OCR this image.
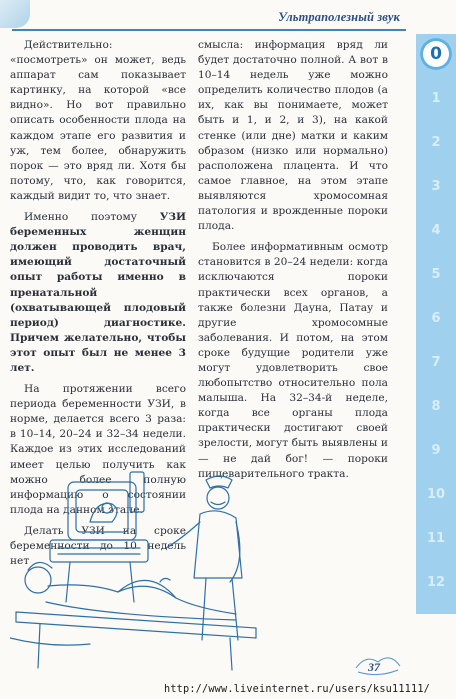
Ультраполезный звук
0
1
2
3
4
5
6
7
8
9
10
11
12

Действительно: «посмотреть» он может, ведь аппарат сам показывает картинку, на которой «все видно». Но вот правильно описать особенности плода на каждом этапе его развития и уж, тем более, обнаружить порок — это вряд ли. Хотя бы потому, что, как говорится, каждый видит то, что знает.

Именно поэтому УЗИ беременных женщин должен проводить врач, имеющий достаточный опыт работы именно в пренатальной (охватывающей плодовый период) диагностике. Причем желательно, чтобы этот опыт был не менее 3 лет.

На протяжении всего периода беременности УЗИ, в норме, делается всего 3 раза: в 10–14, 20–24 и 32–34 недели. Каждое из этих исследований имеет целью получить как можно более полную информацию о состоянии плода на данном этапе.

Делать УЗИ на сроке беременности до 10 недель нет

смысла: информация вряд ли будет достаточно полной. А вот в 10–14 недель уже можно определить количество плодов (а их, как вы понимаете, может быть и 1, и 2, и 3), на какой стенке (или дне) матки и каким образом (низко или нормально) расположена плацента. И что самое главное, на этом этапе выявляются хромосомная патология и врожденные пороки плода.

Более информативным осмотр становится в 20–24 недели: когда исключаются пороки практически всех органов, а также болезни Дауна, Патау и другие хромосомные заболевания. И потом, на этом сроке будущие родители уже могут удовлетворить свое любопытство относительно пола малыша. На 32–34-й неделе, когда все органы плода практически достигают своей зрелости, могут быть выявлены и — не дай бог! — пороки пищеварительного тракта.

37
http://www.liveinternet.ru/users/ksu11111/
